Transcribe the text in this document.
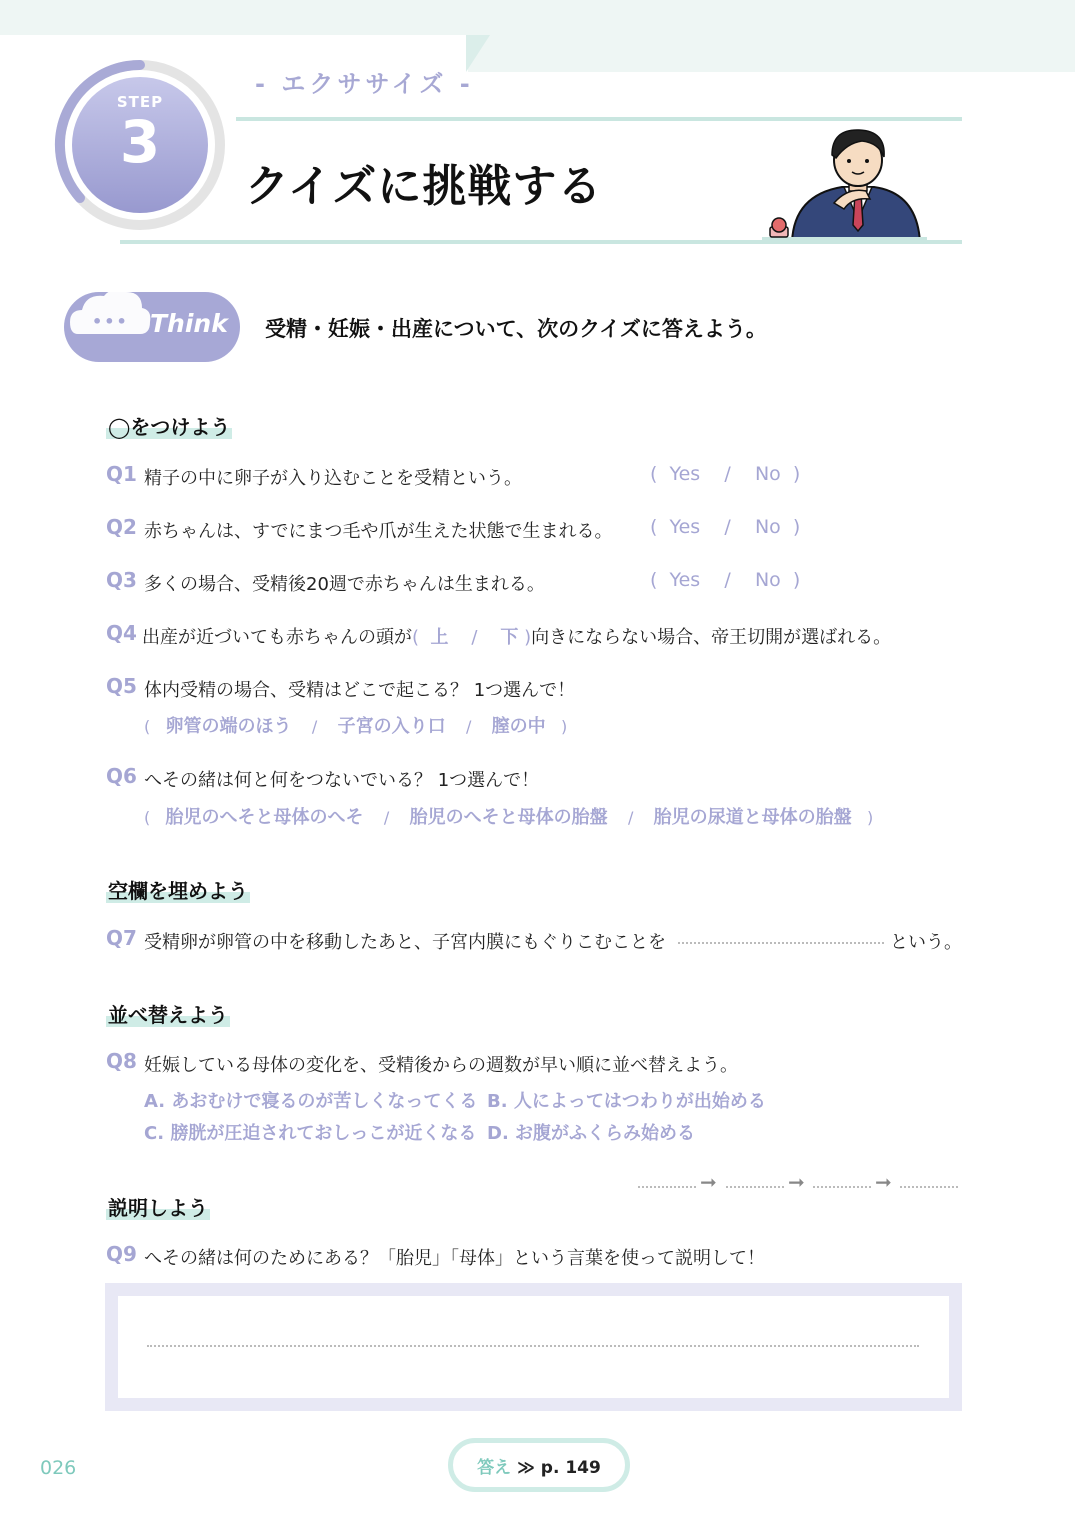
STEP
3
- エクササイズ -
クイズに挑戦する
••• Think 受精・妊娠・出産について、次のクイズに答えよう。
◯をつけよう
Q1 精子の中に卵子が入り込むことを受精という。	( Yes / No )
Q2 赤ちゃんは、すでにまつ毛や爪が生えた状態で生まれる。 ( Yes / No )
Q3 多くの場合、受精後20週で赤ちゃんは生まれる。	( Yes / No )
Q4 出産が近づいても赤ちゃんの頭が( 上 / 下 )向きにならない場合、帝王切開が選ばれる。
Q5 体内受精の場合、受精はどこで起こる？ 1つ選んで！
( 卵管の端のほう / 子宮の入り口 / 膣の中 )
Q6 へその緒は何と何をつないでいる？ 1つ選んで！
( 胎児のへそと母体のへそ / 胎児のへそと母体の胎盤 / 胎児の尿道と母体の胎盤 )
空欄を埋めよう
Q7 受精卵が卵管の中を移動したあと、子宮内膜にもぐりこむことを	という。
並べ替えよう
Q8 妊娠している母体の変化を、受精後からの週数が早い順に並べ替えよう。
A. あおむけで寝るのが苦しくなってくる B. 人によってはつわりが出始める
C. 膀胱が圧迫されておしっこが近くなる D. お腹がふくらみ始める
➞	➞	➞
説明しよう
Q9 へその緒は何のためにある？「胎児」「母体」という言葉を使って説明して！
026	答え ≫ p. 149
